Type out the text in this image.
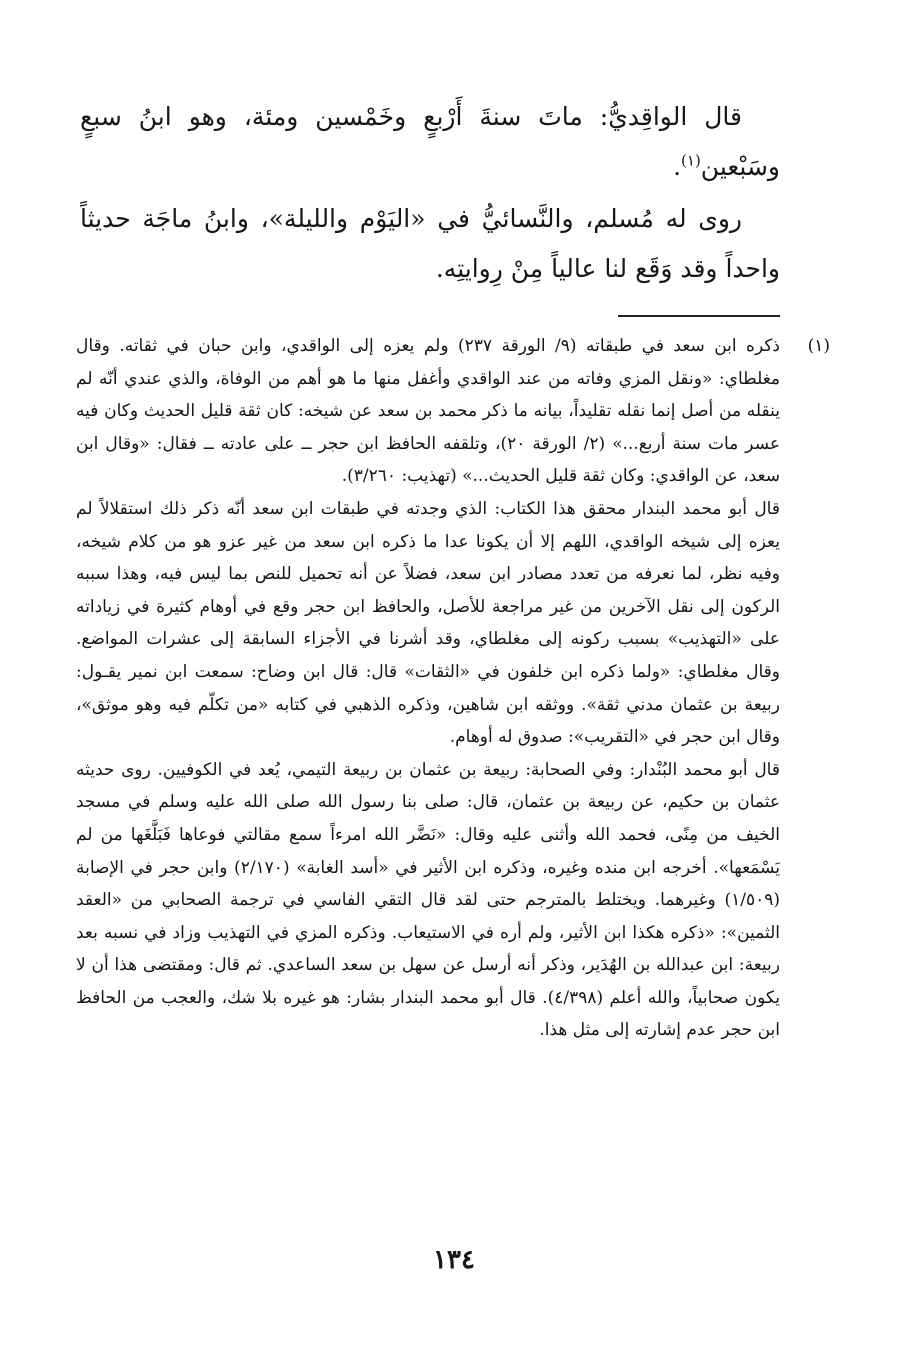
قال الواقِديُّ: ماتَ سنةَ أَرْبعٍ وخَمْسين ومئة، وهو ابنُ سبعٍ وسَبْعين$^{(١)}$.

روى له مُسلم، والنَّسائيُّ في «اليَوْم والليلة»، وابنُ ماجَة حديثاً واحداً وقد وَقَع لنا عالياً مِنْ رِوايتِه.

(١)
ذكره ابن سعد في طبقاته (٩/ الورقة ٢٣٧) ولم يعزه إلى الواقدي، وابن حبان في ثقاته. وقال مغلطاي: «ونقل المزي وفاته من عند الواقدي وأغفل منها ما هو أهم من الوفاة، والذي عندي أنّه لم ينقله من أصل إنما نقله تقليداً، بيانه ما ذكر محمد بن سعد عن شيخه: كان ثقة قليل الحديث وكان فيه عسر مات سنة أربع...» (٢/ الورقة ٢٠)، وتلقفه الحافظ ابن حجر ــ على عادته ــ فقال: «وقال ابن سعد، عن الواقدي: وكان ثقة قليل الحديث...» (تهذيب: ٣/٢٦٠).

قال أبو محمد البندار محقق هذا الكتاب: الذي وجدته في طبقات ابن سعد أنّه ذكر ذلك استقلالاً لم يعزه إلى شيخه الواقدي، اللهم إلا أن يكونا عدا ما ذكره ابن سعد من غير عزو هو من كلام شيخه، وفيه نظر، لما نعرفه من تعدد مصادر ابن سعد، فضلاً عن أنه تحميل للنص بما ليس فيه، وهذا سببه الركون إلى نقل الآخرين من غير مراجعة للأصل، والحافظ ابن حجر وقع في أوهام كثيرة في زياداته على «التهذيب» بسبب ركونه إلى مغلطاي، وقد أشرنا في الأجزاء السابقة إلى عشرات المواضع. وقال مغلطاي: «ولما ذكره ابن خلفون في «الثقات» قال: قال ابن وضاح: سمعت ابن نمير يقـول: ربيعة بن عثمان مدني ثقة». ووثقه ابن شاهين، وذكره الذهبي في كتابه «من تكلّم فيه وهو موثق»، وقال ابن حجر في «التقريب»: صدوق له أوهام.

قال أبو محمد البُنْدار: وفي الصحابة: ربيعة بن عثمان بن ربيعة التيمي، يُعد في الكوفيين. روى حديثه عثمان بن حكيم، عن ربيعة بن عثمان، قال: صلى بنا رسول الله صلى الله عليه وسلم في مسجد الخيف من مِنًى، فحمد الله وأثنى عليه وقال: «نَضَّر الله امرءاً سمع مقالتي فوعاها فَبَلَّغَها من لم يَسْمَعها». أخرجه ابن منده وغيره، وذكره ابن الأثير في «أسد الغابة» (٢/١٧٠) وابن حجر في الإصابة (١/٥٠٩) وغيرهما. ويختلط بالمترجم حتى لقد قال التقي الفاسي في ترجمة الصحابي من «العقد الثمين»: «ذكره هكذا ابن الأثير، ولم أره في الاستيعاب. وذكره المزي في التهذيب وزاد في نسبه بعد ربيعة: ابن عبدالله بن الهُدَير، وذكر أنه أرسل عن سهل بن سعد الساعدي. ثم قال: ومقتضى هذا أن لا يكون صحابياً، والله أعلم (٤/٣٩٨). قال أبو محمد البندار بشار: هو غيره بلا شك، والعجب من الحافظ ابن حجر عدم إشارته إلى مثل هذا.

١٣٤
